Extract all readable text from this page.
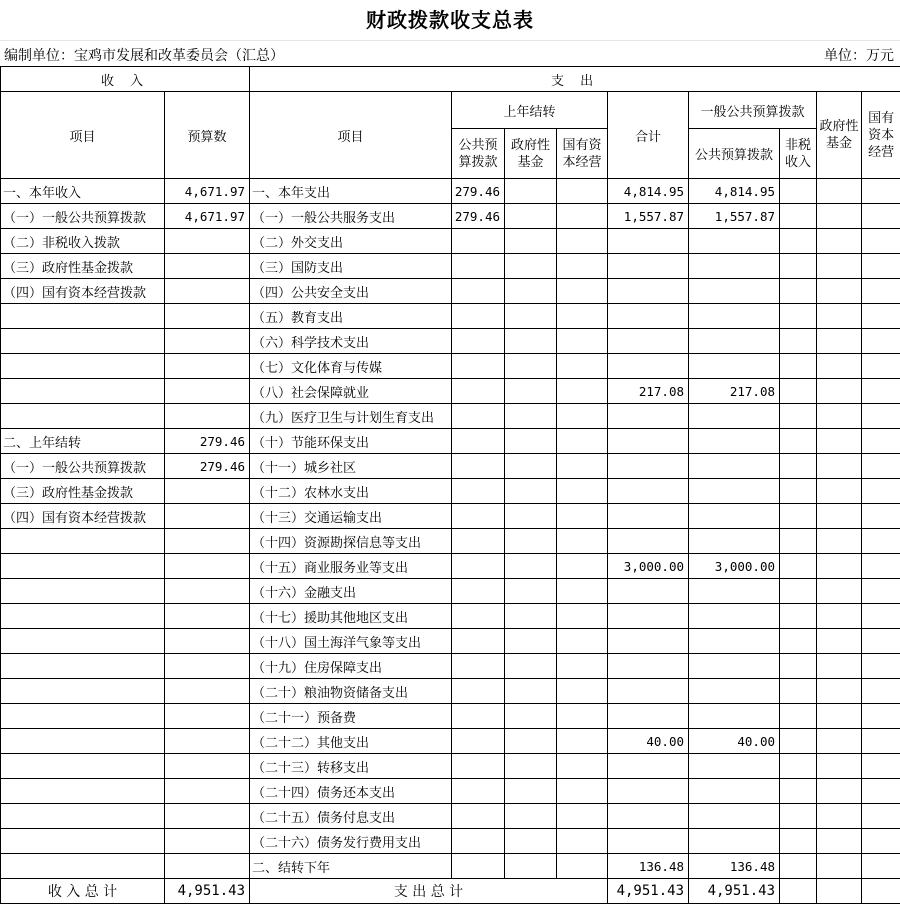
财政拨款收支总表
编制单位：宝鸡市发展和改革委员会（汇总）	单位：万元
收 入		支 出								
项目	预算数	项目	上年结转			合计	一般公共预算拨款		政府性基金	国有资本经营
			公共预算拨款	政府性基金	国有资本经营		公共预算拨款	非税收入		
一、本年收入	4,671.97	一、本年支出	279.46			4,814.95	4,814.95			
（一）一般公共预算拨款	4,671.97	（一）一般公共服务支出	279.46			1,557.87	1,557.87			
（二）非税收入拨款		（二）外交支出								
（三）政府性基金拨款		（三）国防支出								
（四）国有资本经营拨款		（四）公共安全支出								
		（五）教育支出								
		（六）科学技术支出								
		（七）文化体育与传媒								
		（八）社会保障就业				217.08	217.08			
		（九）医疗卫生与计划生育支出								
二、上年结转	279.46	（十）节能环保支出								
（一）一般公共预算拨款	279.46	（十一）城乡社区								
（三）政府性基金拨款		（十二）农林水支出								
（四）国有资本经营拨款		（十三）交通运输支出								
		（十四）资源勘探信息等支出								
		（十五）商业服务业等支出				3,000.00	3,000.00			
		（十六）金融支出								
		（十七）援助其他地区支出								
		（十八）国土海洋气象等支出								
		（十九）住房保障支出								
		（二十）粮油物资储备支出								
		（二十一）预备费								
		（二十二）其他支出				40.00	40.00			
		（二十三）转移支出								
		（二十四）债务还本支出								
		（二十五）债务付息支出								
		（二十六）债务发行费用支出								
		二、结转下年				136.48	136.48			
收 入 总 计	4,951.43	支 出 总 计				4,951.43	4,951.43			
